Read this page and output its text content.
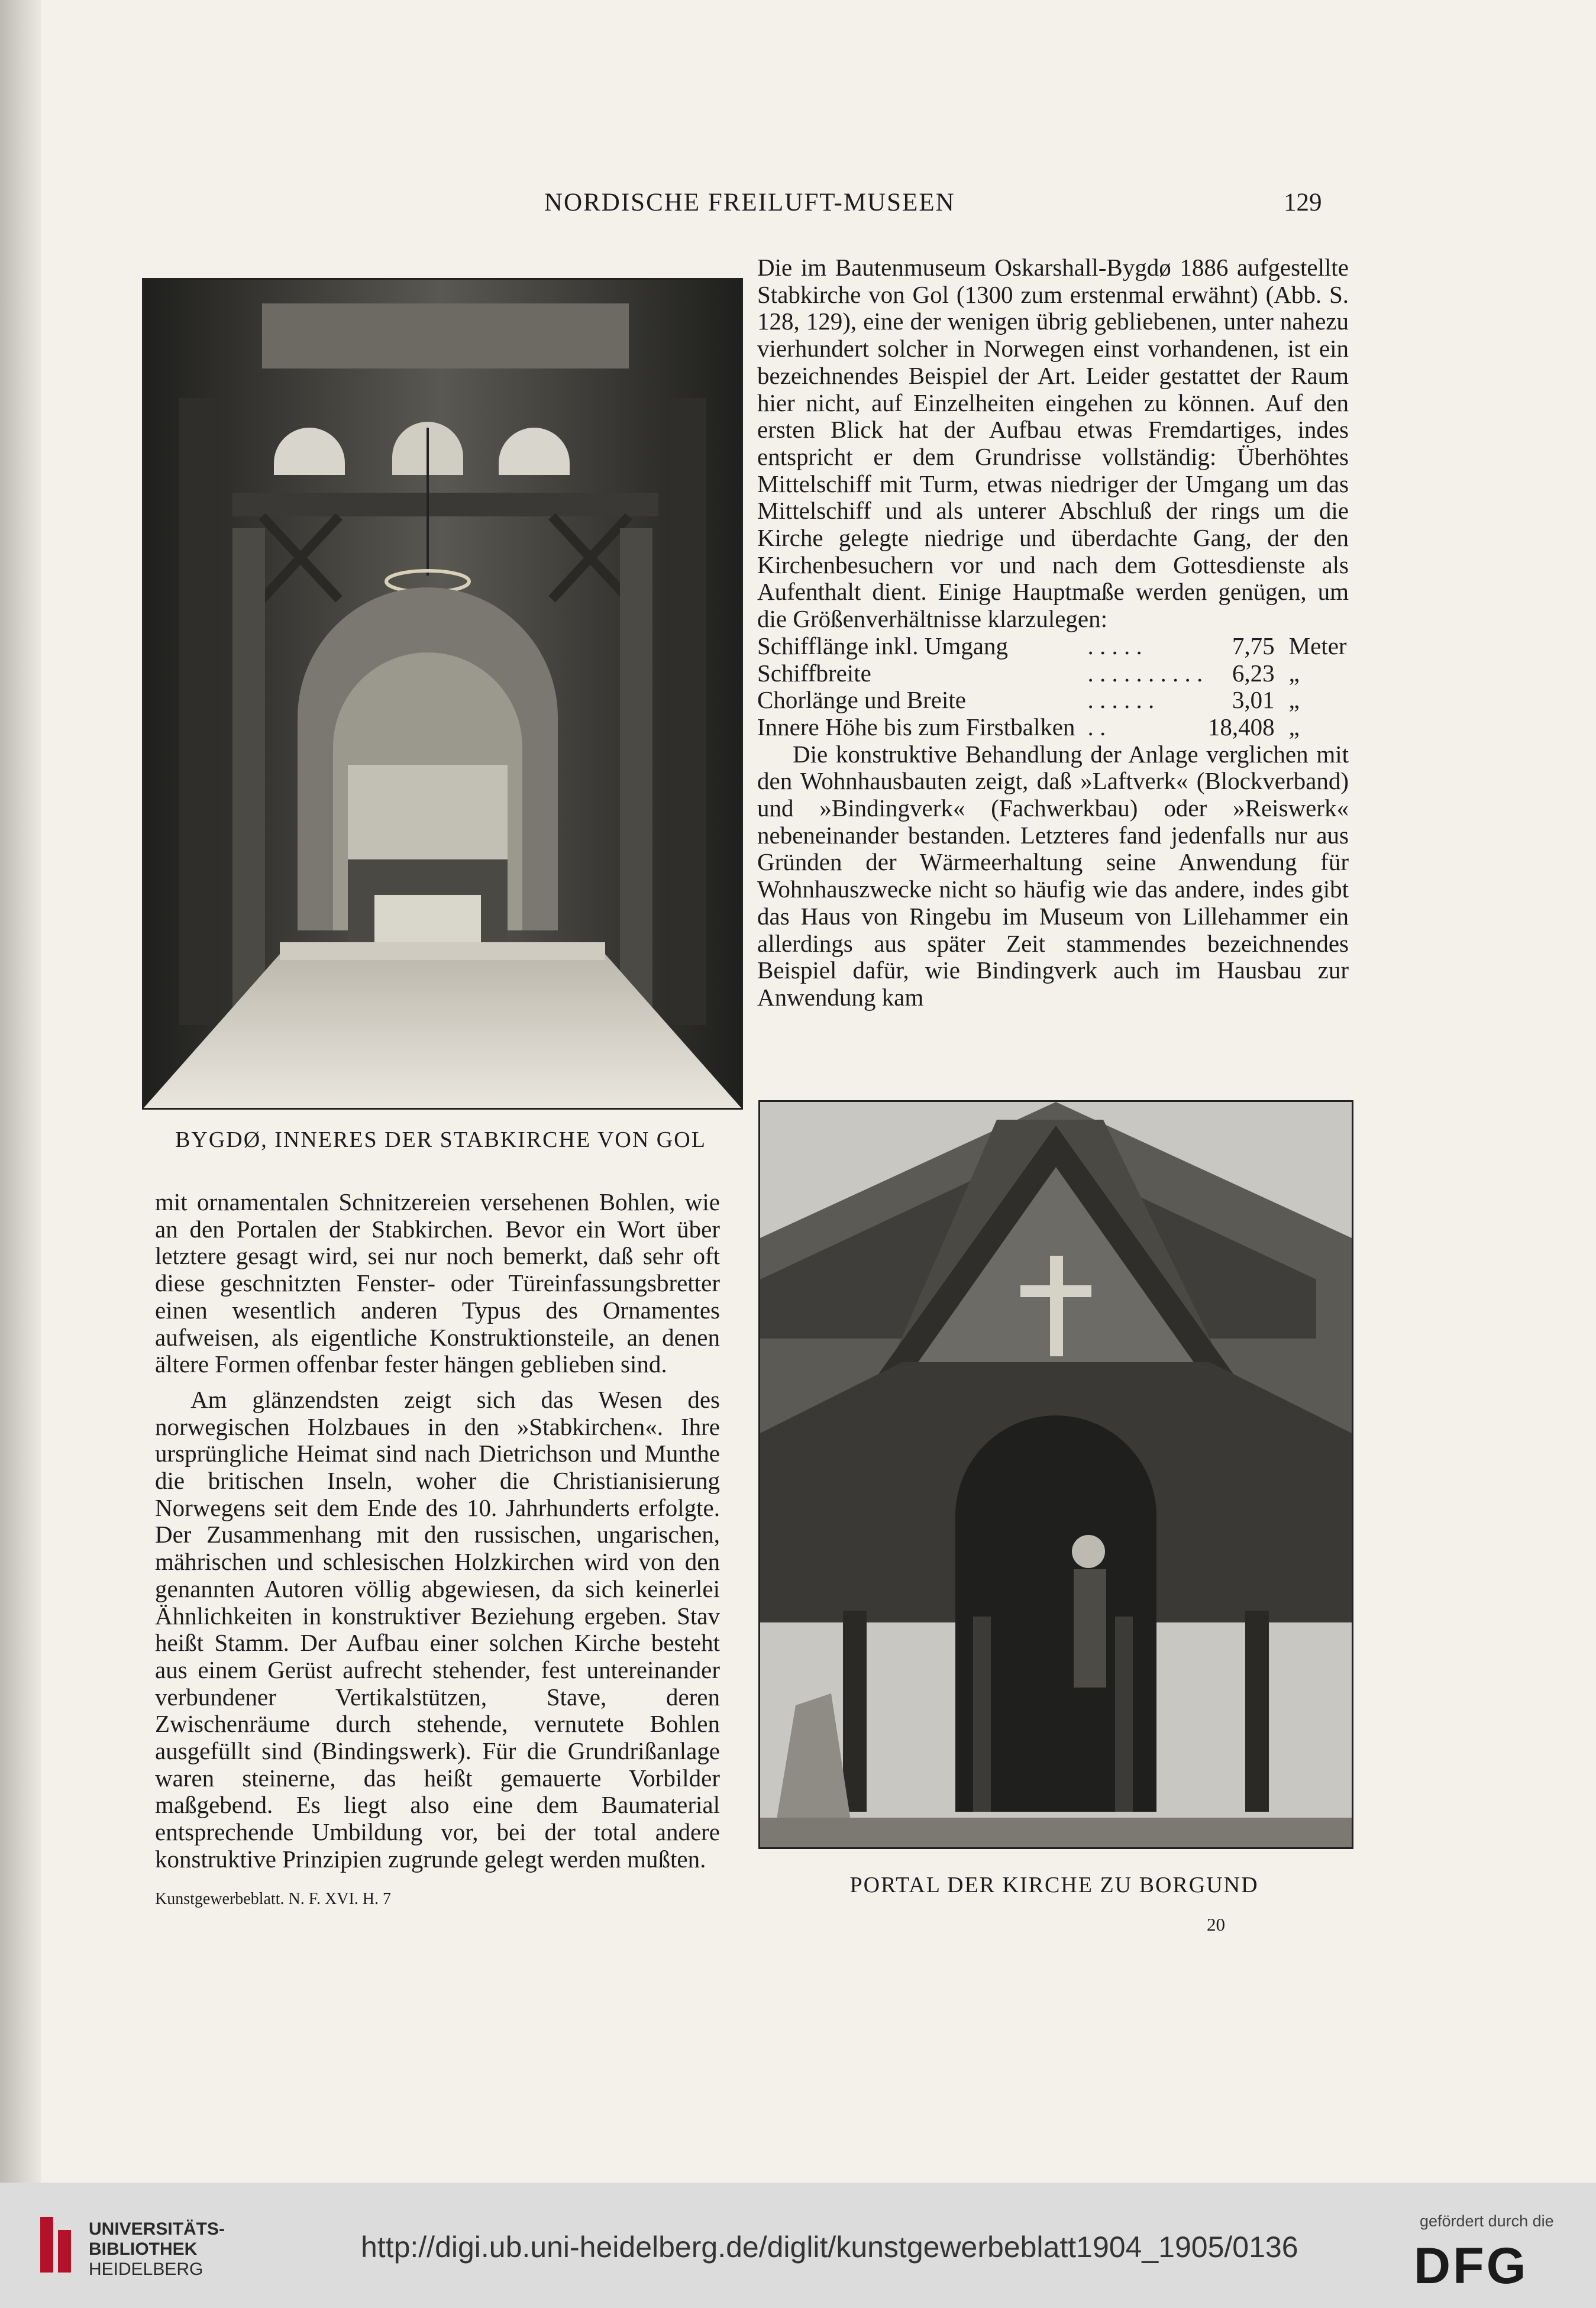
NORDISCHE FREILUFT-MUSEEN	129
BYGDØ, INNERES DER STABKIRCHE VON GOL

Die im Bautenmuseum Oskarshall-Bygdø 1886 aufgestellte Stabkirche von Gol (1300 zum erstenmal erwähnt) (Abb. S. 128, 129), eine der wenigen übrig gebliebenen, unter nahezu vierhundert solcher in Norwegen einst vorhandenen, ist ein bezeichnendes Beispiel der Art. Leider gestattet der Raum hier nicht, auf Einzelheiten eingehen zu können. Auf den ersten Blick hat der Aufbau etwas Fremdartiges, indes entspricht er dem Grundrisse vollständig: Überhöhtes Mittelschiff mit Turm, etwas niedriger der Umgang um das Mittelschiff und als unterer Abschluß der rings um die Kirche gelegte niedrige und überdachte Gang, der den Kirchenbesuchern vor und nach dem Gottesdienste als Aufenthalt dient. Einige Hauptmaße werden genügen, um die Größenverhältnisse klarzulegen:

Schifflänge inkl. Umgang	. . . . .	7,75	Meter
Schiffbreite	. . . . . . . . . .	6,23	„
Chorlänge und Breite	. . . . . .	3,01	„
Innere Höhe bis zum Firstbalken	. .	18,408	„

Die konstruktive Behandlung der Anlage verglichen mit den Wohnhausbauten zeigt, daß »Laftverk« (Blockverband) und »Bindingverk« (Fachwerkbau) oder »Reiswerk« nebeneinander bestanden. Letzteres fand jedenfalls nur aus Gründen der Wärmeerhaltung seine Anwendung für Wohnhauszwecke nicht so häufig wie das andere, indes gibt das Haus von Ringebu im Museum von Lillehammer ein allerdings aus später Zeit stammendes bezeichnendes Beispiel dafür, wie Bindingverk auch im Hausbau zur Anwendung kam

mit ornamentalen Schnitzereien versehenen Bohlen, wie an den Portalen der Stabkirchen. Bevor ein Wort über letztere gesagt wird, sei nur noch bemerkt, daß sehr oft diese geschnitzten Fenster- oder Türeinfassungsbretter einen wesentlich anderen Typus des Ornamentes aufweisen, als eigentliche Konstruktionsteile, an denen ältere Formen offenbar fester hängen geblieben sind.

Am glänzendsten zeigt sich das Wesen des norwegischen Holzbaues in den »Stabkirchen«. Ihre ursprüngliche Heimat sind nach Dietrichson und Munthe die britischen Inseln, woher die Christianisierung Norwegens seit dem Ende des 10. Jahrhunderts erfolgte. Der Zusammenhang mit den russischen, ungarischen, mährischen und schlesischen Holzkirchen wird von den genannten Autoren völlig abgewiesen, da sich keinerlei Ähnlichkeiten in konstruktiver Beziehung ergeben. Stav heißt Stamm. Der Aufbau einer solchen Kirche besteht aus einem Gerüst aufrecht stehender, fest untereinander verbundener Vertikalstützen, Stave, deren Zwischenräume durch stehende, vernutete Bohlen ausgefüllt sind (Bindingswerk). Für die Grundrißanlage waren steinerne, das heißt gemauerte Vorbilder maßgebend. Es liegt also eine dem Baumaterial entsprechende Umbildung vor, bei der total andere konstruktive Prinzipien zugrunde gelegt werden mußten.

PORTAL DER KIRCHE ZU BORGUND
Kunstgewerbeblatt. N. F. XVI. H. 7
20
UNIVERSITÄTS-
BIBLIOTHEK
HEIDELBERG
http://digi.ub.uni-heidelberg.de/diglit/kunstgewerbeblatt1904_1905/0136
gefördert durch die
DFG
